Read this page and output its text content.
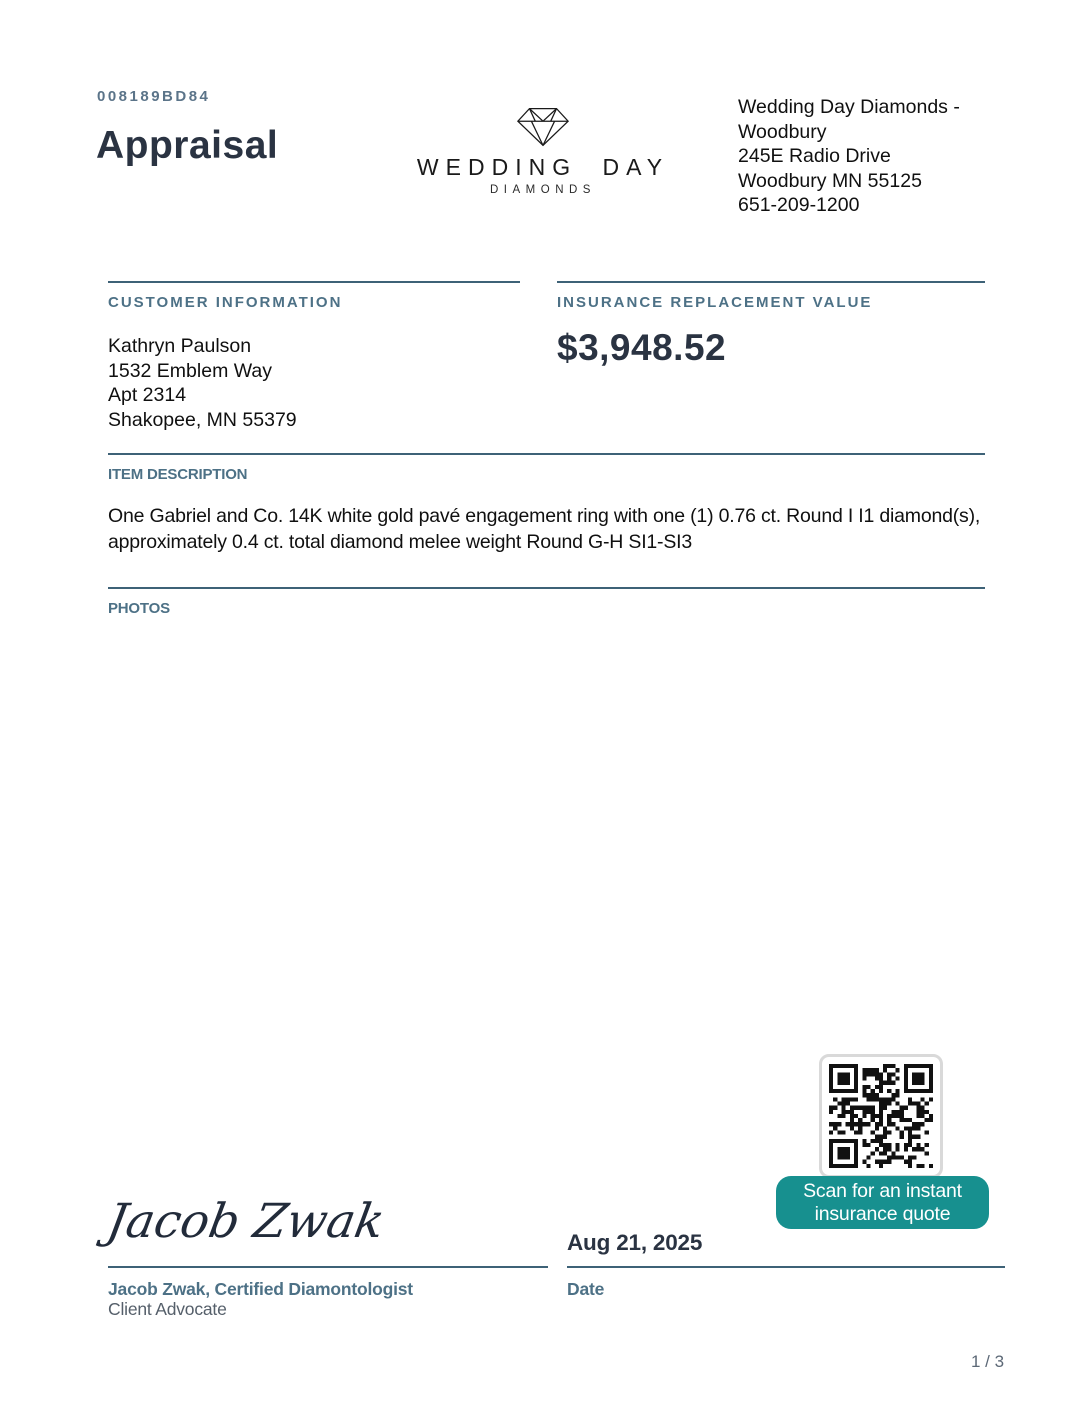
008189BD84
Appraisal	WEDDING DAY
DIAMONDS
Wedding Day Diamonds - Woodbury
245E Radio Drive
Woodbury MN 55125
651-209-1200
CUSTOMER INFORMATION
Kathryn Paulson
1532 Emblem Way
Apt 2314
Shakopee, MN 55379
INSURANCE REPLACEMENT VALUE
$3,948.52
ITEM DESCRIPTION

One Gabriel and Co. 14K white gold pavé engagement ring with one (1) 0.76 ct. Round I I1 diamond(s), approximately 0.4 ct. total diamond melee weight Round G-H SI1-SI3

PHOTOS
Scan for an instant
insurance quote
Jacob Zwak
Jacob Zwak, Certified Diamontologist
Client Advocate
Aug 21, 2025
Date
1 / 3
